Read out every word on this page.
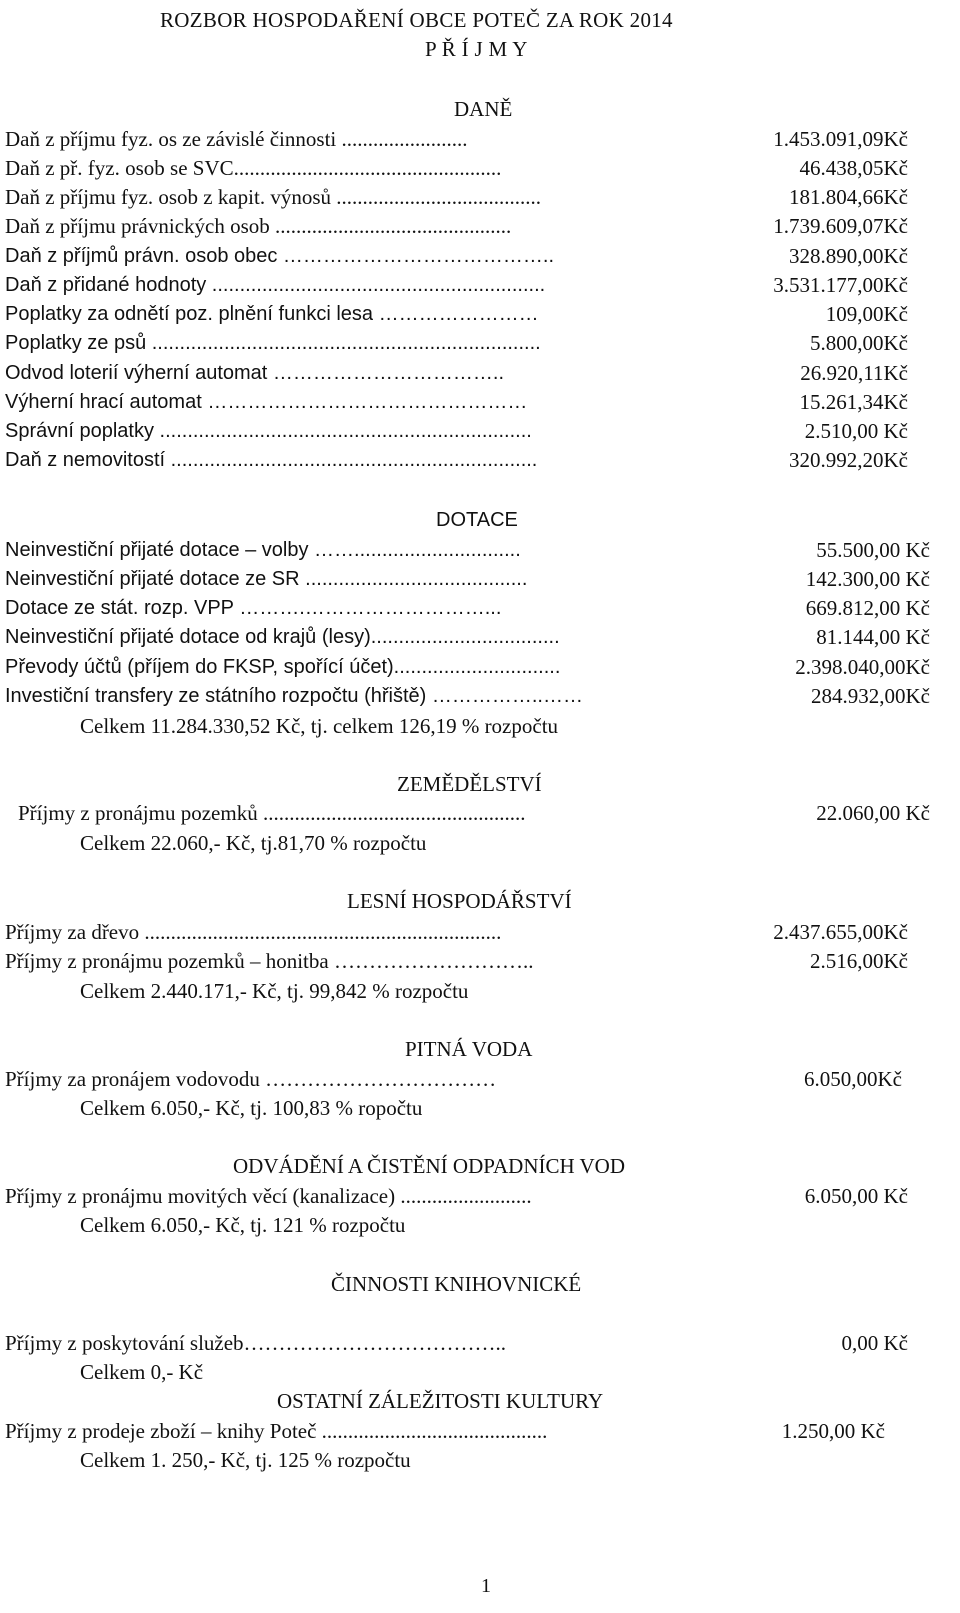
ROZBOR HOSPODAŘENÍ OBCE POTEČ ZA ROK 2014
P Ř Í J M Y
DANĚ
Daň z příjmu fyz. os ze závislé činnosti ........................	1.453.091,09Kč
Daň z př. fyz. osob se SVC...................................................	46.438,05Kč
Daň z příjmu fyz. osob z kapit. výnosů .......................................	181.804,66Kč
Daň z příjmu právnických osob .............................................	1.739.609,07Kč
Daň z příjmů právn. osob obec …………………………………..	328.890,00Kč
Daň z přidané hodnoty ............................................................	3.531.177,00Kč
Poplatky za odnětí poz. plnění funkci lesa ……………………	109,00Kč
Poplatky ze psů ......................................................................	5.800,00Kč
Odvod loterií výherní automat ……………………………..	26.920,11Kč
Výherní hrací automat …………………………………………	15.261,34Kč
Správní poplatky ...................................................................	2.510,00 Kč
Daň z nemovitostí ..................................................................	320.992,20Kč
DOTACE
Neinvestiční přijaté dotace – volby ……..............................	55.500,00 Kč
Neinvestiční přijaté dotace ze SR ........................................	142.300,00 Kč
Dotace ze stát. rozp. VPP ……….………………………...	669.812,00 Kč
Neinvestiční přijaté dotace od krajů (lesy)..................................	81.144,00 Kč
Převody účtů (příjem do FKSP, spořící účet)..............................	2.398.040,00Kč
Investiční transfery ze státního rozpočtu (hřiště) ……………..……	284.932,00Kč
Celkem 11.284.330,52 Kč, tj. celkem 126,19 % rozpočtu
ZEMĚDĚLSTVÍ
Příjmy z pronájmu pozemků ..................................................	22.060,00 Kč
Celkem 22.060,- Kč, tj.81,70 % rozpočtu
LESNÍ HOSPODÁŘSTVÍ
Příjmy za dřevo ....................................................................	2.437.655,00Kč
Příjmy z pronájmu pozemků – honitba ………………………..	2.516,00Kč
Celkem 2.440.171,- Kč, tj. 99,842 % rozpočtu
PITNÁ VODA
Příjmy za pronájem vodovodu ……………………………	6.050,00Kč
Celkem 6.050,- Kč, tj. 100,83 % ropočtu
ODVÁDĚNÍ A ČISTĚNÍ ODPADNÍCH VOD
Příjmy z pronájmu movitých věcí (kanalizace) .........................	6.050,00 Kč
Celkem 6.050,- Kč, tj. 121 % rozpočtu
ČINNOSTI KNIHOVNICKÉ
Příjmy z poskytování služeb………………………………..	0,00 Kč
Celkem 0,- Kč
OSTATNÍ ZÁLEŽITOSTI KULTURY
Příjmy z prodeje zboží – knihy Poteč ...........................................	1.250,00 Kč
Celkem 1. 250,- Kč, tj. 125 % rozpočtu
1
